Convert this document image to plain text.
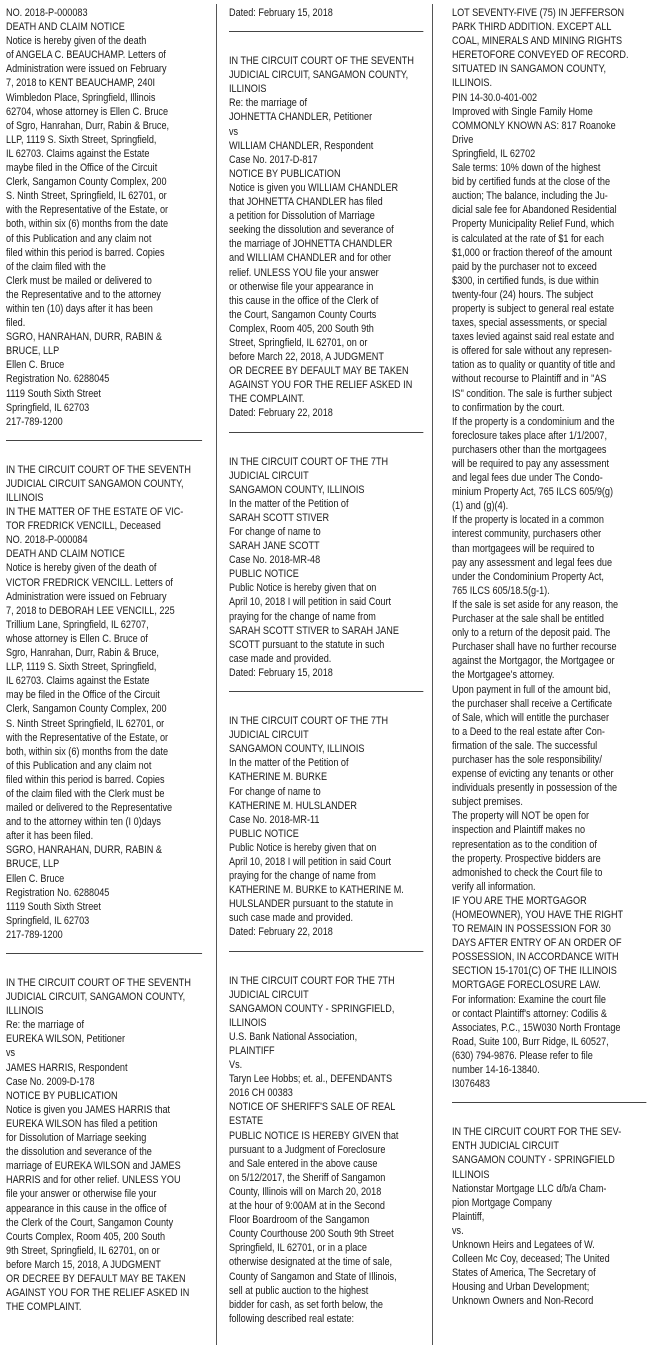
NO. 2018-P-000083
DEATH AND CLAIM NOTICE
Notice is hereby given of the death
of ANGELA C. BEAUCHAMP. Letters of
Administration were issued on February
7, 2018 to KENT BEAUCHAMP, 240I
Wimbledon Place, Springfield, Illinois
62704, whose attorney is Ellen C. Bruce
of Sgro, Hanrahan, Durr, Rabin & Bruce,
LLP, 1119 S. Sixth Street, Springfield,
IL 62703. Claims against the Estate
maybe filed in the Office of the Circuit
Clerk, Sangamon County Complex, 200
S. Ninth Street, Springfield, IL 62701, or
with the Representative of the Estate, or
both, within six (6) months from the date
of this Publication and any claim not
filed within this period is barred. Copies
of the claim filed with the
Clerk must be mailed or delivered to
the Representative and to the attorney
within ten (10) days after it has been
filed.
SGRO, HANRAHAN, DURR, RABIN &
BRUCE, LLP
Ellen C. Bruce
Registration No. 6288045
1119 South Sixth Street
Springfield, IL 62703
217-789-1200
IN THE CIRCUIT COURT OF THE SEVENTH
JUDICIAL CIRCUIT SANGAMON COUNTY,
ILLINOIS
IN THE MATTER OF THE ESTATE OF VIC-
TOR FREDRICK VENCILL, Deceased
NO. 2018-P-000084
DEATH AND CLAIM NOTICE
Notice is hereby given of the death of
VICTOR FREDRICK VENCILL. Letters of
Administration were issued on February
7, 2018 to DEBORAH LEE VENCILL, 225
Trillium Lane, Springfield, IL 62707,
whose attorney is Ellen C. Bruce of
Sgro, Hanrahan, Durr, Rabin & Bruce,
LLP, 1119 S. Sixth Street, Springfield,
IL 62703. Claims against the Estate
may be filed in the Office of the Circuit
Clerk, Sangamon County Complex, 200
S. Ninth Street Springfield, IL 62701, or
with the Representative of the Estate, or
both, within six (6) months from the date
of this Publication and any claim not
filed within this period is barred. Copies
of the claim filed with the Clerk must be
mailed or delivered to the Representative
and to the attorney within ten (I 0)days
after it has been filed.
SGRO, HANRAHAN, DURR, RABIN &
BRUCE, LLP
Ellen C. Bruce
Registration No. 6288045
1119 South Sixth Street
Springfield, IL 62703
217-789-1200
IN THE CIRCUIT COURT OF THE SEVENTH
JUDICIAL CIRCUIT, SANGAMON COUNTY,
ILLINOIS
Re: the marriage of
EUREKA WILSON, Petitioner
vs
JAMES HARRIS, Respondent
Case No. 2009-D-178
NOTICE BY PUBLICATION
Notice is given you JAMES HARRIS that
EUREKA WILSON has filed a petition
for Dissolution of Marriage seeking
the dissolution and severance of the
marriage of EUREKA WILSON and JAMES
HARRIS and for other relief. UNLESS YOU
file your answer or otherwise file your
appearance in this cause in the office of
the Clerk of the Court, Sangamon County
Courts Complex, Room 405, 200 South
9th Street, Springfield, IL 62701, on or
before March 15, 2018, A JUDGMENT
OR DECREE BY DEFAULT MAY BE TAKEN
AGAINST YOU FOR THE RELIEF ASKED IN
THE COMPLAINT.
Dated: February 15, 2018
IN THE CIRCUIT COURT OF THE SEVENTH
JUDICIAL CIRCUIT, SANGAMON COUNTY,
ILLINOIS
Re: the marriage of
JOHNETTA CHANDLER, Petitioner
vs
WILLIAM CHANDLER, Respondent
Case No. 2017-D-817
NOTICE BY PUBLICATION
Notice is given you WILLIAM CHANDLER
that JOHNETTA CHANDLER has filed
a petition for Dissolution of Marriage
seeking the dissolution and severance of
the marriage of JOHNETTA CHANDLER
and WILLIAM CHANDLER and for other
relief. UNLESS YOU file your answer
or otherwise file your appearance in
this cause in the office of the Clerk of
the Court, Sangamon County Courts
Complex, Room 405, 200 South 9th
Street, Springfield, IL 62701, on or
before March 22, 2018, A JUDGMENT
OR DECREE BY DEFAULT MAY BE TAKEN
AGAINST YOU FOR THE RELIEF ASKED IN
THE COMPLAINT.
Dated: February 22, 2018
IN THE CIRCUIT COURT OF THE 7TH
JUDICIAL CIRCUIT
SANGAMON COUNTY, ILLINOIS
In the matter of the Petition of
SARAH SCOTT STIVER
For change of name to
SARAH JANE SCOTT
Case No. 2018-MR-48
PUBLIC NOTICE
Public Notice is hereby given that on
April 10, 2018 I will petition in said Court
praying for the change of name from
SARAH SCOTT STIVER to SARAH JANE
SCOTT pursuant to the statute in such
case made and provided.
Dated: February 15, 2018
IN THE CIRCUIT COURT OF THE 7TH
JUDICIAL CIRCUIT
SANGAMON COUNTY, ILLINOIS
In the matter of the Petition of
KATHERINE M. BURKE
For change of name to
KATHERINE M. HULSLANDER
Case No. 2018-MR-11
PUBLIC NOTICE
Public Notice is hereby given that on
April 10, 2018 I will petition in said Court
praying for the change of name from
KATHERINE M. BURKE to KATHERINE M.
HULSLANDER pursuant to the statute in
such case made and provided.
Dated: February 22, 2018
IN THE CIRCUIT COURT FOR THE 7TH
JUDICIAL CIRCUIT
SANGAMON COUNTY - SPRINGFIELD,
ILLINOIS
U.S. Bank National Association,
PLAINTIFF
Vs.
Taryn Lee Hobbs; et. al., DEFENDANTS
2016 CH 00383
NOTICE OF SHERIFF'S SALE OF REAL
ESTATE
PUBLIC NOTICE IS HEREBY GIVEN that
pursuant to a Judgment of Foreclosure
and Sale entered in the above cause
on 5/12/2017, the Sheriff of Sangamon
County, Illinois will on March 20, 2018
at the hour of 9:00AM at in the Second
Floor Boardroom of the Sangamon
County Courthouse 200 South 9th Street
Springfield, IL 62701, or in a place
otherwise designated at the time of sale,
County of Sangamon and State of Illinois,
sell at public auction to the highest
bidder for cash, as set forth below, the
following described real estate:
LOT SEVENTY-FIVE (75) IN JEFFERSON
PARK THIRD ADDITION. EXCEPT ALL
COAL, MINERALS AND MINING RIGHTS
HERETOFORE CONVEYED OF RECORD.
SITUATED IN SANGAMON COUNTY,
ILLINOIS.
PIN 14-30.0-401-002
Improved with Single Family Home
COMMONLY KNOWN AS: 817 Roanoke
Drive
Springfield, IL 62702
Sale terms: 10% down of the highest
bid by certified funds at the close of the
auction; The balance, including the Ju-
dicial sale fee for Abandoned Residential
Property Municipality Relief Fund, which
is calculated at the rate of $1 for each
$1,000 or fraction thereof of the amount
paid by the purchaser not to exceed
$300, in certified funds, is due within
twenty-four (24) hours. The subject
property is subject to general real estate
taxes, special assessments, or special
taxes levied against said real estate and
is offered for sale without any represen-
tation as to quality or quantity of title and
without recourse to Plaintiff and in "AS
IS" condition. The sale is further subject
to confirmation by the court.
If the property is a condominium and the
foreclosure takes place after 1/1/2007,
purchasers other than the mortgagees
will be required to pay any assessment
and legal fees due under The Condo-
minium Property Act, 765 ILCS 605/9(g)
(1) and (g)(4).
If the property is located in a common
interest community, purchasers other
than mortgagees will be required to
pay any assessment and legal fees due
under the Condominium Property Act,
765 ILCS 605/18.5(g-1).
If the sale is set aside for any reason, the
Purchaser at the sale shall be entitled
only to a return of the deposit paid. The
Purchaser shall have no further recourse
against the Mortgagor, the Mortgagee or
the Mortgagee's attorney.
Upon payment in full of the amount bid,
the purchaser shall receive a Certificate
of Sale, which will entitle the purchaser
to a Deed to the real estate after Con-
firmation of the sale. The successful
purchaser has the sole responsibility/
expense of evicting any tenants or other
individuals presently in possession of the
subject premises.
The property will NOT be open for
inspection and Plaintiff makes no
representation as to the condition of
the property. Prospective bidders are
admonished to check the Court file to
verify all information.
IF YOU ARE THE MORTGAGOR
(HOMEOWNER), YOU HAVE THE RIGHT
TO REMAIN IN POSSESSION FOR 30
DAYS AFTER ENTRY OF AN ORDER OF
POSSESSION, IN ACCORDANCE WITH
SECTION 15-1701(C) OF THE ILLINOIS
MORTGAGE FORECLOSURE LAW.
For information: Examine the court file
or contact Plaintiff's attorney: Codilis &
Associates, P.C., 15W030 North Frontage
Road, Suite 100, Burr Ridge, IL 60527,
(630) 794-9876. Please refer to file
number 14-16-13840.
I3076483
IN THE CIRCUIT COURT FOR THE SEV-
ENTH JUDICIAL CIRCUIT
SANGAMON COUNTY - SPRINGFIELD
ILLINOIS
Nationstar Mortgage LLC d/b/a Cham-
pion Mortgage Company
Plaintiff,
vs.
Unknown Heirs and Legatees of W.
Colleen Mc Coy, deceased; The United
States of America, The Secretary of
Housing and Urban Development;
Unknown Owners and Non-Record
